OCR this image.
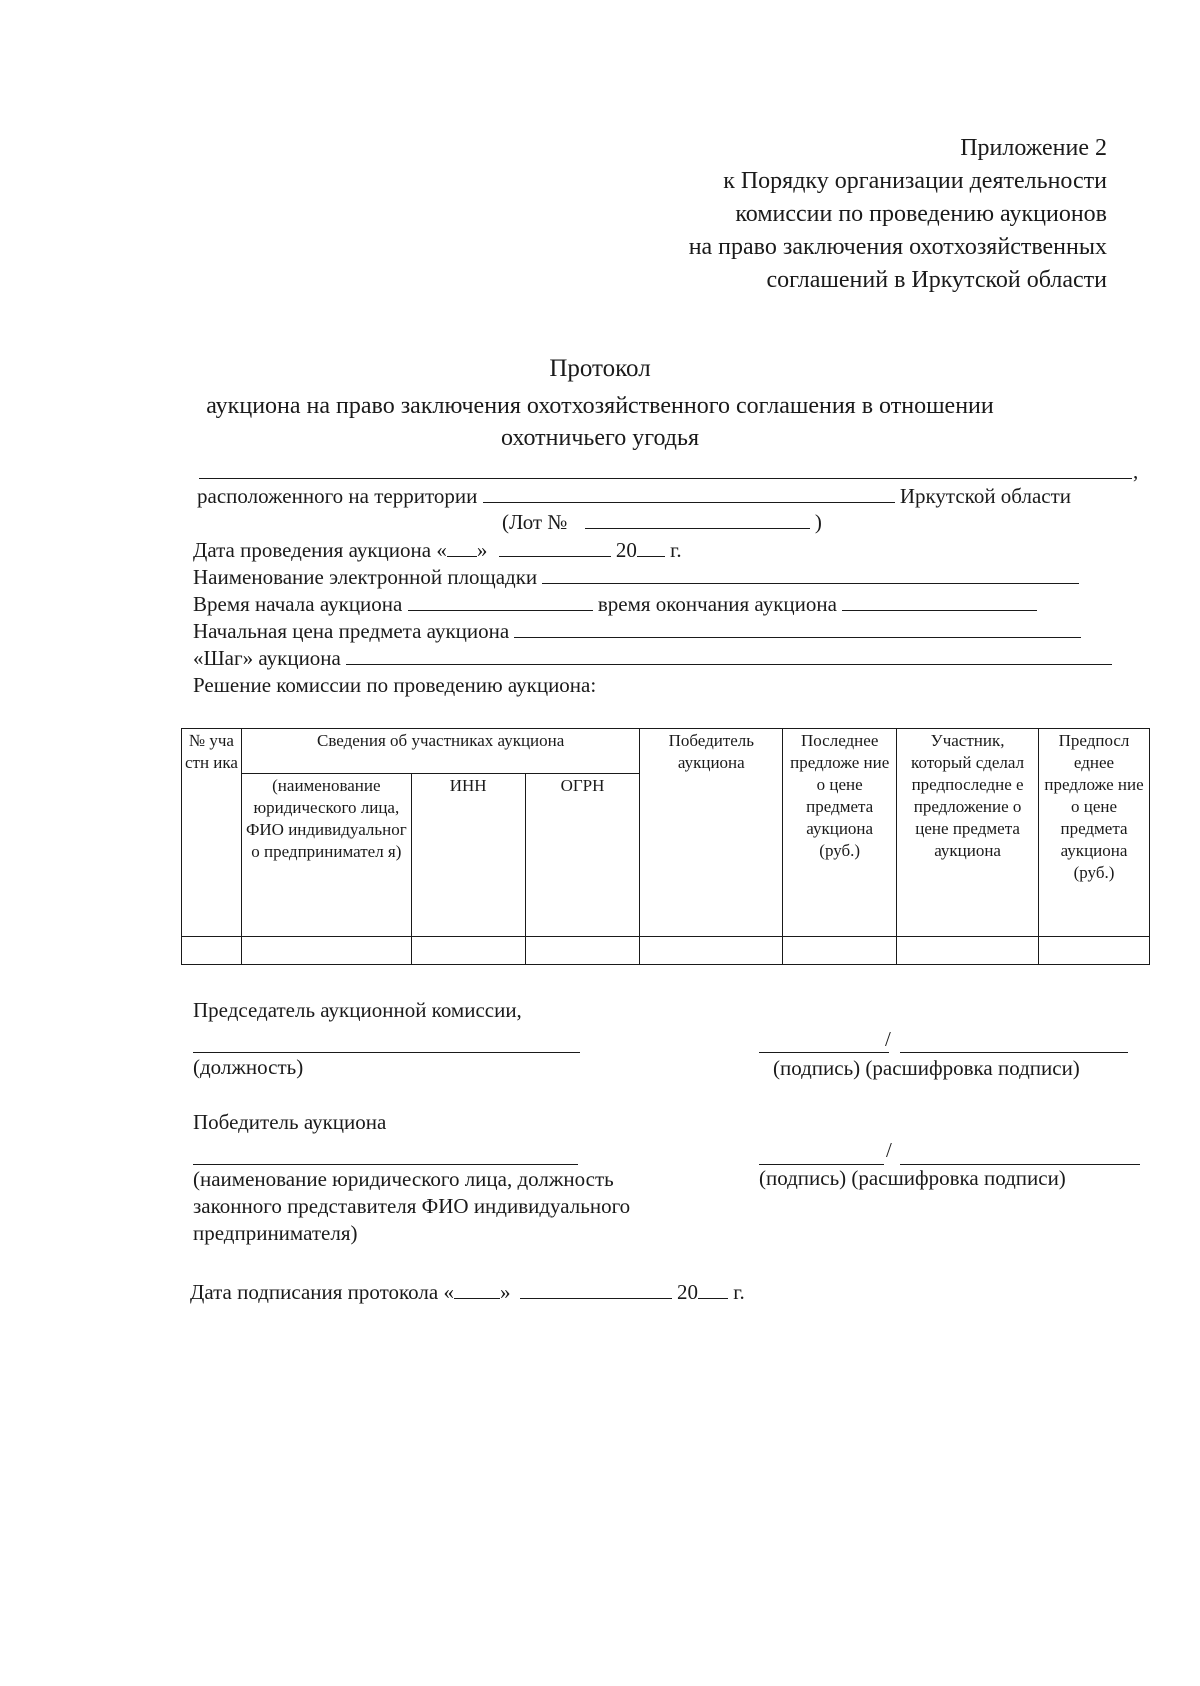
Приложение 2
к Порядку организации деятельности
комиссии по проведению аукционов
на право заключения охотхозяйственных
соглашений в Иркутской области
Протокол
аукциона на право заключения охотхозяйственного соглашения в отношении
охотничьего угодья
,
расположенного на территории	Иркутской области
(Лот №	)
Дата проведения аукциона « »	20 г.
Наименование электронной площадки
Время начала аукциона	время окончания аукциона
Начальная цена предмета аукциона
«Шаг» аукциона
Решение комиссии по проведению аукциона:
№ уча стн ика	Сведения об участниках аукциона			Победитель аукциона	Последнее предложе ние о цене предмета аукциона (руб.)	Участник, который сделал предпоследне е предложение о цене предмета аукциона	Предпосл еднее предложе ние о цене предмета аукциона (руб.)
	(наименование юридического лица, ФИО индивидуальног о предпринимател я)	ИНН	ОГРН				

Председатель аукционной комиссии,
(должность)
/
(подпись) (расшифровка подписи)
Победитель аукциона
(наименование юридического лица, должность
законного представителя ФИО индивидуального
предпринимателя)
/
(подпись) (расшифровка подписи)
Дата подписания протокола « »	20 г.
